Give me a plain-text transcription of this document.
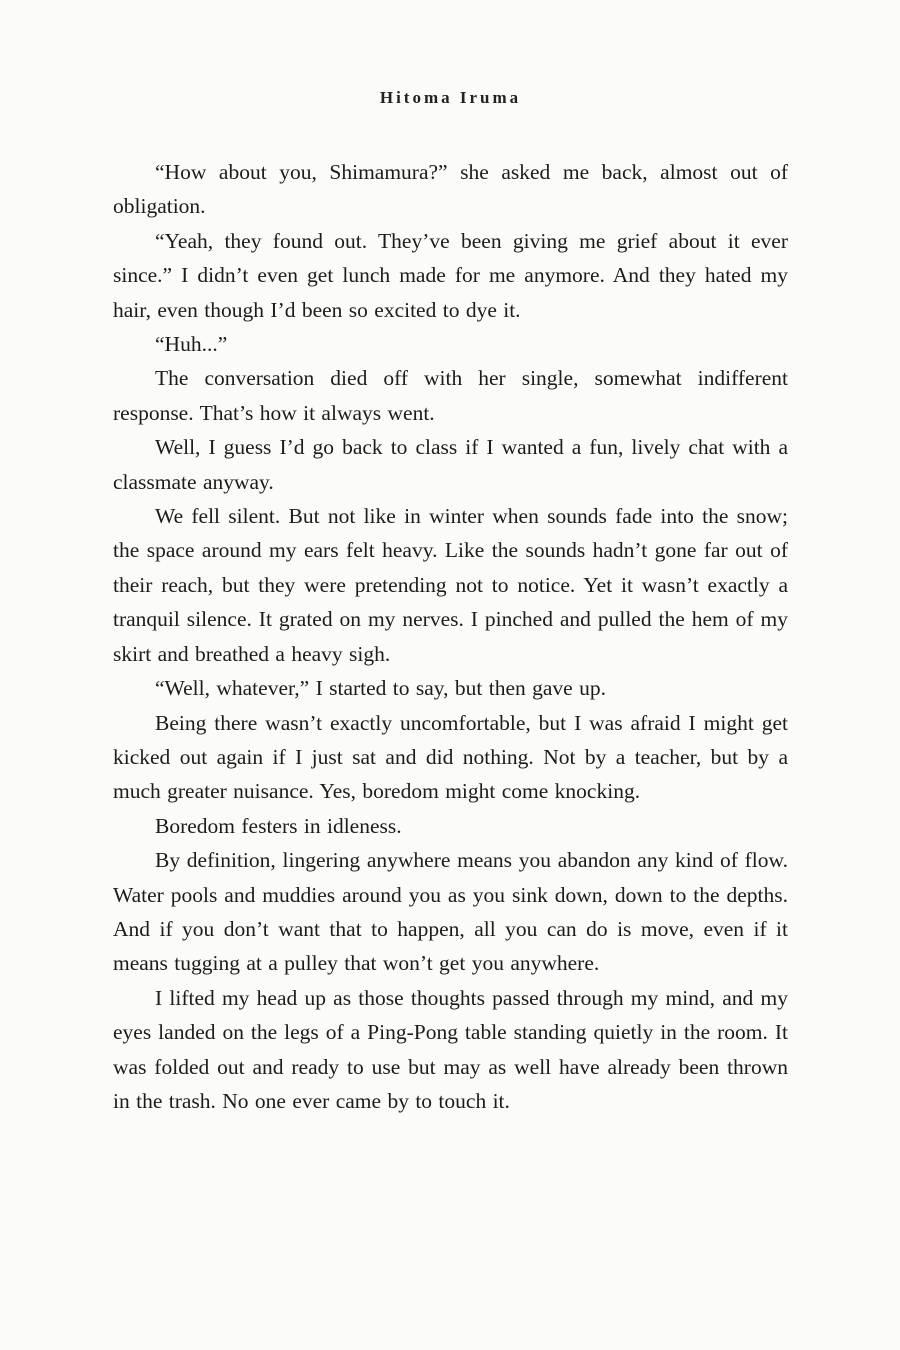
Hitoma Iruma

“How about you, Shimamura?” she asked me back, almost out of obligation.

“Yeah, they found out. They’ve been giving me grief about it ever since.” I didn’t even get lunch made for me anymore. And they hated my hair, even though I’d been so excited to dye it.

“Huh...”

The conversation died off with her single, somewhat indifferent response. That’s how it always went.

Well, I guess I’d go back to class if I wanted a fun, lively chat with a classmate anyway.

We fell silent. But not like in winter when sounds fade into the snow; the space around my ears felt heavy. Like the sounds hadn’t gone far out of their reach, but they were pretending not to notice. Yet it wasn’t exactly a tranquil silence. It grated on my nerves. I pinched and pulled the hem of my skirt and breathed a heavy sigh.

“Well, whatever,” I started to say, but then gave up.

Being there wasn’t exactly uncomfortable, but I was afraid I might get kicked out again if I just sat and did nothing. Not by a teacher, but by a much greater nuisance. Yes, boredom might come knocking.

Boredom festers in idleness.

By definition, lingering anywhere means you abandon any kind of flow. Water pools and muddies around you as you sink down, down to the depths. And if you don’t want that to happen, all you can do is move, even if it means tugging at a pulley that won’t get you anywhere.

I lifted my head up as those thoughts passed through my mind, and my eyes landed on the legs of a Ping-Pong table standing quietly in the room. It was folded out and ready to use but may as well have already been thrown in the trash. No one ever came by to touch it.
